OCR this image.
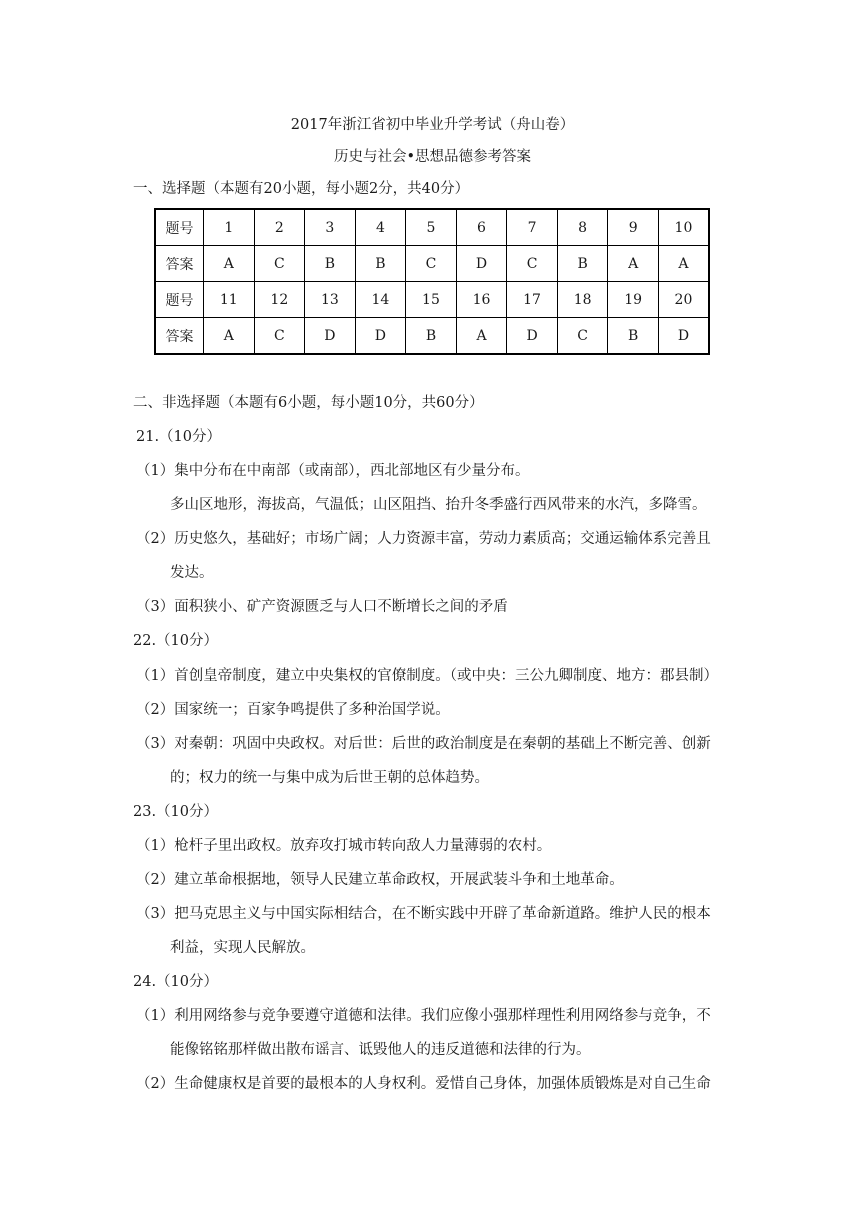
2017年浙江省初中毕业升学考试（舟山卷）
历史与社会•思想品德参考答案
一、选择题（本题有20小题，每小题2分，共40分）
题号	1	2	3	4	5	6	7	8	9	10
答案	A	C	B	B	C	D	C	B	A	A
题号	11	12	13	14	15	16	17	18	19	20
答案	A	C	D	D	B	A	D	C	B	D
二、非选择题（本题有6小题，每小题10分，共60分）
21.（10分）
（1）集中分布在中南部（或南部），西北部地区有少量分布。
多山区地形，海拔高，气温低；山区阻挡、抬升冬季盛行西风带来的水汽，多降雪。
（2）历史悠久，基础好；市场广阔；人力资源丰富，劳动力素质高；交通运输体系完善且
发达。
（3）面积狭小、矿产资源匮乏与人口不断增长之间的矛盾
22.（10分）
（1）首创皇帝制度，建立中央集权的官僚制度。（或中央：三公九卿制度、地方：郡县制）
（2）国家统一；百家争鸣提供了多种治国学说。
（3）对秦朝：巩固中央政权。对后世：后世的政治制度是在秦朝的基础上不断完善、创新
的；权力的统一与集中成为后世王朝的总体趋势。
23.（10分）
（1）枪杆子里出政权。放弃攻打城市转向敌人力量薄弱的农村。
（2）建立革命根据地，领导人民建立革命政权，开展武装斗争和土地革命。
（3）把马克思主义与中国实际相结合，在不断实践中开辟了革命新道路。维护人民的根本
利益，实现人民解放。
24.（10分）
（1）利用网络参与竞争要遵守道德和法律。我们应像小强那样理性利用网络参与竞争，不
能像铭铭那样做出散布谣言、诋毁他人的违反道德和法律的行为。
（2）生命健康权是首要的最根本的人身权利。爱惜自己身体，加强体质锻炼是对自己生命
